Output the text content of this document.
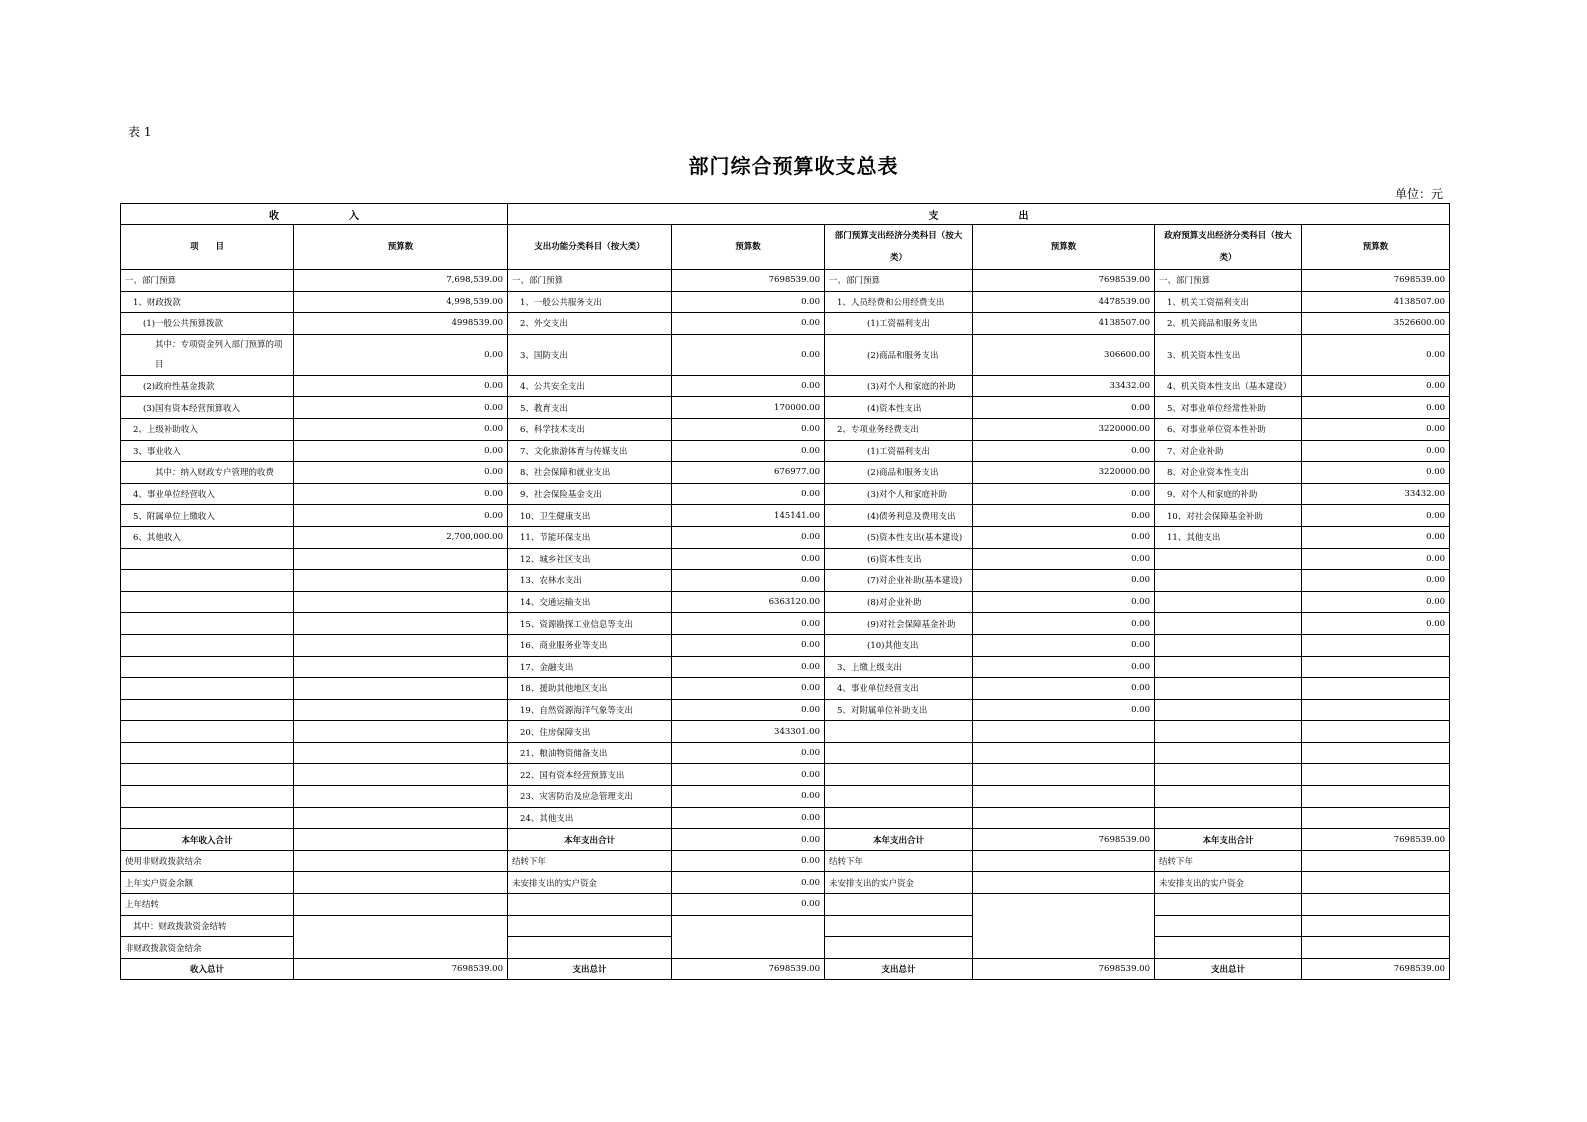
表 1
部门综合预算收支总表
单位：元
收　　　　　　　入		支　　　　　　　　出					
项　　目	预算数	支出功能分类科目（按大类）	预算数	部门预算支出经济分类科目（按大类）	预算数	政府预算支出经济分类科目（按大类）	预算数
一、部门预算	7,698,539.00	一、部门预算	7698539.00	一、部门预算	7698539.00	一、部门预算	7698539.00
1、财政拨款	4,998,539.00	1、一般公共服务支出	0.00	1、人员经费和公用经费支出	4478539.00	1、机关工资福利支出	4138507.00
(1)一般公共预算拨款	4998539.00	2、外交支出	0.00	(1)工资福利支出	4138507.00	2、机关商品和服务支出	3526600.00
其中：专项资金列入部门预算的项目	0.00	3、国防支出	0.00	(2)商品和服务支出	306600.00	3、机关资本性支出	0.00
(2)政府性基金拨款	0.00	4、公共安全支出	0.00	(3)对个人和家庭的补助	33432.00	4、机关资本性支出（基本建设）	0.00
(3)国有资本经营预算收入	0.00	5、教育支出	170000.00	(4)资本性支出	0.00	5、对事业单位经常性补助	0.00
2、上级补助收入	0.00	6、科学技术支出	0.00	2、专项业务经费支出	3220000.00	6、对事业单位资本性补助	0.00
3、事业收入	0.00	7、文化旅游体育与传媒支出	0.00	(1)工资福利支出	0.00	7、对企业补助	0.00
其中：纳入财政专户管理的收费	0.00	8、社会保障和就业支出	676977.00	(2)商品和服务支出	3220000.00	8、对企业资本性支出	0.00
4、事业单位经营收入	0.00	9、社会保险基金支出	0.00	(3)对个人和家庭补助	0.00	9、对个人和家庭的补助	33432.00
5、附属单位上缴收入	0.00	10、卫生健康支出	145141.00	(4)债务利息及费用支出	0.00	10、对社会保障基金补助	0.00
6、其他收入	2,700,000.00	11、节能环保支出	0.00	(5)资本性支出(基本建设)	0.00	11、其他支出	0.00
		12、城乡社区支出	0.00	(6)资本性支出	0.00		0.00
		13、农林水支出	0.00	(7)对企业补助(基本建设)	0.00		0.00
		14、交通运输支出	6363120.00	(8)对企业补助	0.00		0.00
		15、资源勘探工业信息等支出	0.00	(9)对社会保障基金补助	0.00		0.00
		16、商业服务业等支出	0.00	(10)其他支出	0.00		
		17、金融支出	0.00	3、上缴上级支出	0.00		
		18、援助其他地区支出	0.00	4、事业单位经营支出	0.00		
		19、自然资源海洋气象等支出	0.00	5、对附属单位补助支出	0.00		
		20、住房保障支出	343301.00				
		21、粮油物资储备支出	0.00				
		22、国有资本经营预算支出	0.00				
		23、灾害防治及应急管理支出	0.00				
		24、其他支出	0.00				
本年收入合计		本年支出合计	0.00	本年支出合计	7698539.00	本年支出合计	7698539.00
使用非财政拨款结余		结转下年	0.00	结转下年		结转下年	
上年实户资金余额		未安排支出的实户资金	0.00	未安排支出的实户资金		未安排支出的实户资金	
上年结转			0.00				
其中：财政拨款资金结转							
非财政拨款资金结余							
收入总计	7698539.00	支出总计	7698539.00	支出总计	7698539.00	支出总计	7698539.00
